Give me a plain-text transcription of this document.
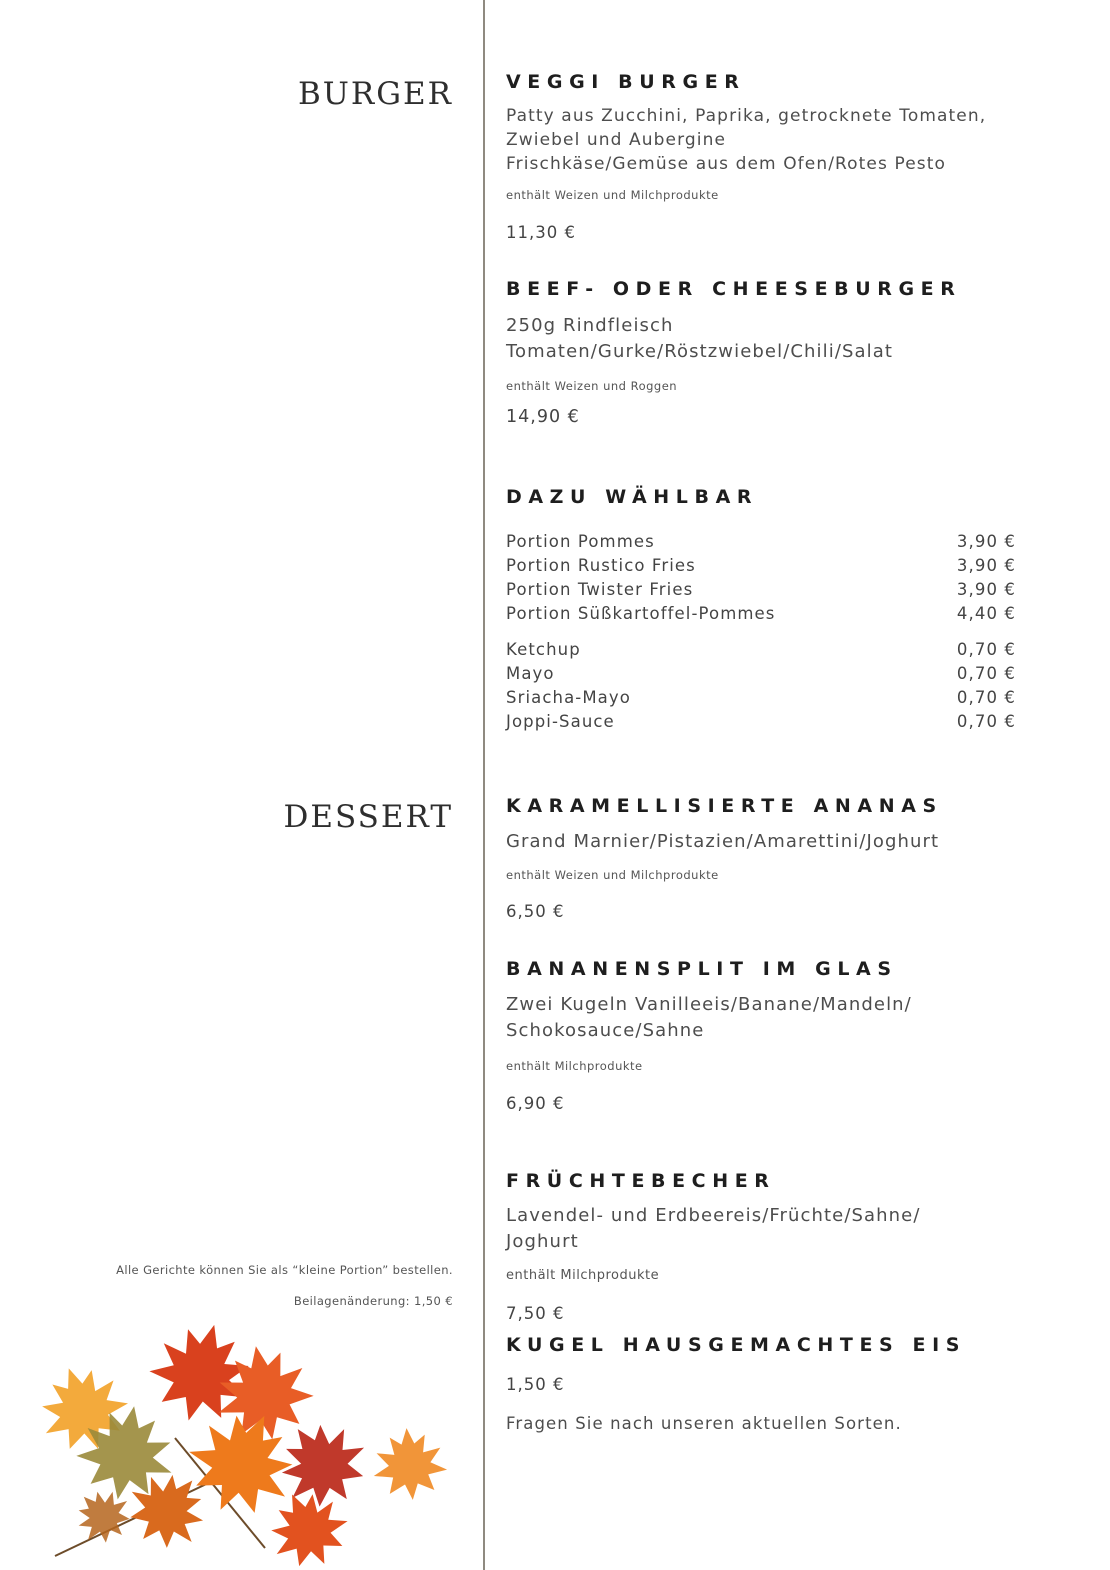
BURGER
DESSERT
VEGGI BURGER
Patty aus Zucchini, Paprika, getrocknete Tomaten,
Zwiebel und Aubergine
Frischkäse/Gemüse aus dem Ofen/Rotes Pesto
enthält Weizen und Milchprodukte
11,30 €
BEEF- ODER CHEESEBURGER
250g Rindfleisch
Tomaten/Gurke/Röstzwiebel/Chili/Salat
enthält Weizen und Roggen
14,90 €
DAZU WÄHLBAR
Portion Pommes	3,90 €
Portion Rustico Fries	3,90 €
Portion Twister Fries	3,90 €
Portion Süßkartoffel-Pommes	4,40 €
Ketchup	0,70 €
Mayo	0,70 €
Sriacha-Mayo	0,70 €
Joppi-Sauce	0,70 €
KARAMELLISIERTE ANANAS
Grand Marnier/Pistazien/Amarettini/Joghurt
enthält Weizen und Milchprodukte
6,50 €
BANANENSPLIT IM GLAS
Zwei Kugeln Vanilleeis/Banane/Mandeln/
Schokosauce/Sahne
enthält Milchprodukte
6,90 €
FRÜCHTEBECHER
Lavendel- und Erdbeereis/Früchte/Sahne/
Joghurt
enthält Milchprodukte
7,50 €
KUGEL HAUSGEMACHTES EIS
1,50 €
Fragen Sie nach unseren aktuellen Sorten.
Alle Gerichte können Sie als “kleine Portion” bestellen.
Beilagenänderung: 1,50 €
